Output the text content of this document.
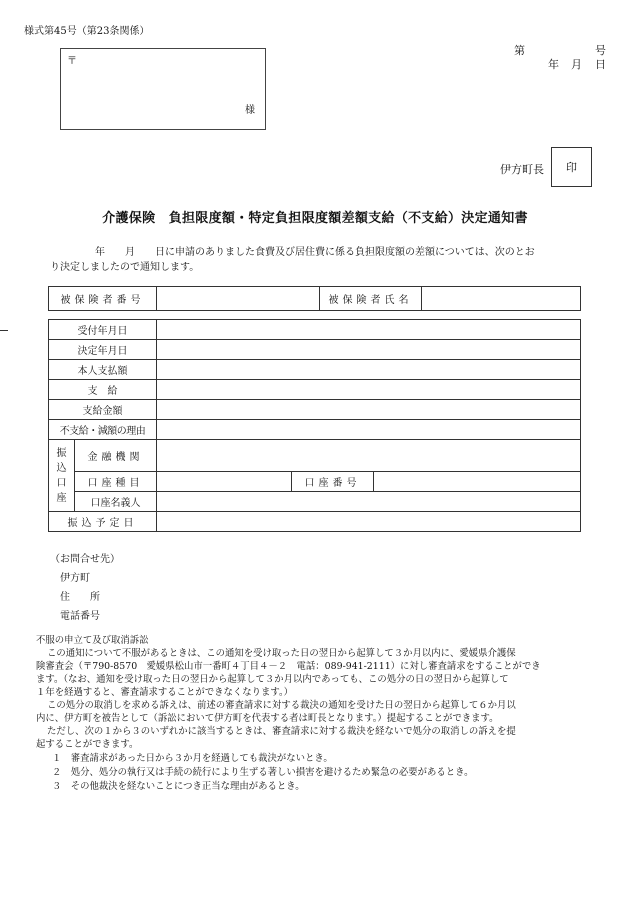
様式第45号（第23条関係）
第	号
年 月 日
〒
様
伊方町長 印
介護保険　負担限度額・特定負担限度額差額支給（不支給）決定通知書
年　　月　　日に申請のありました食費及び居住費に係る負担限度額の差額については、次のとお
り決定しましたので通知します。
被保険者番号		被保険者氏名	
受付年月日				
決定年月日				
本人支払額				
支　給				
支給金額				
不支給・減額の理由				
振込口座	金融機関			
	口座種目		口座番号	
	口座名義人			
振込予定日				
（お問合せ先）
伊方町
住　　所
電話番号
不服の申立て及び取消訴訟
この通知について不服があるときは、この通知を受け取った日の翌日から起算して３か月以内に、愛媛県介護保
険審査会（〒790-8570　愛媛県松山市一番町４丁目４－２　電話：089-941-2111）に対し審査請求をすることができ
ます。（なお、通知を受け取った日の翌日から起算して３か月以内であっても、この処分の日の翌日から起算して
１年を経過すると、審査請求することができなくなります。）
この処分の取消しを求める訴えは、前述の審査請求に対する裁決の通知を受けた日の翌日から起算して６か月以
内に、伊方町を被告として（訴訟において伊方町を代表する者は町長となります。）提起することができます。
ただし、次の１から３のいずれかに該当するときは、審査請求に対する裁決を経ないで処分の取消しの訴えを提
起することができます。
１　審査請求があった日から３か月を経過しても裁決がないとき。
２　処分、処分の執行又は手続の続行により生ずる著しい損害を避けるため緊急の必要があるとき。
３　その他裁決を経ないことにつき正当な理由があるとき。
